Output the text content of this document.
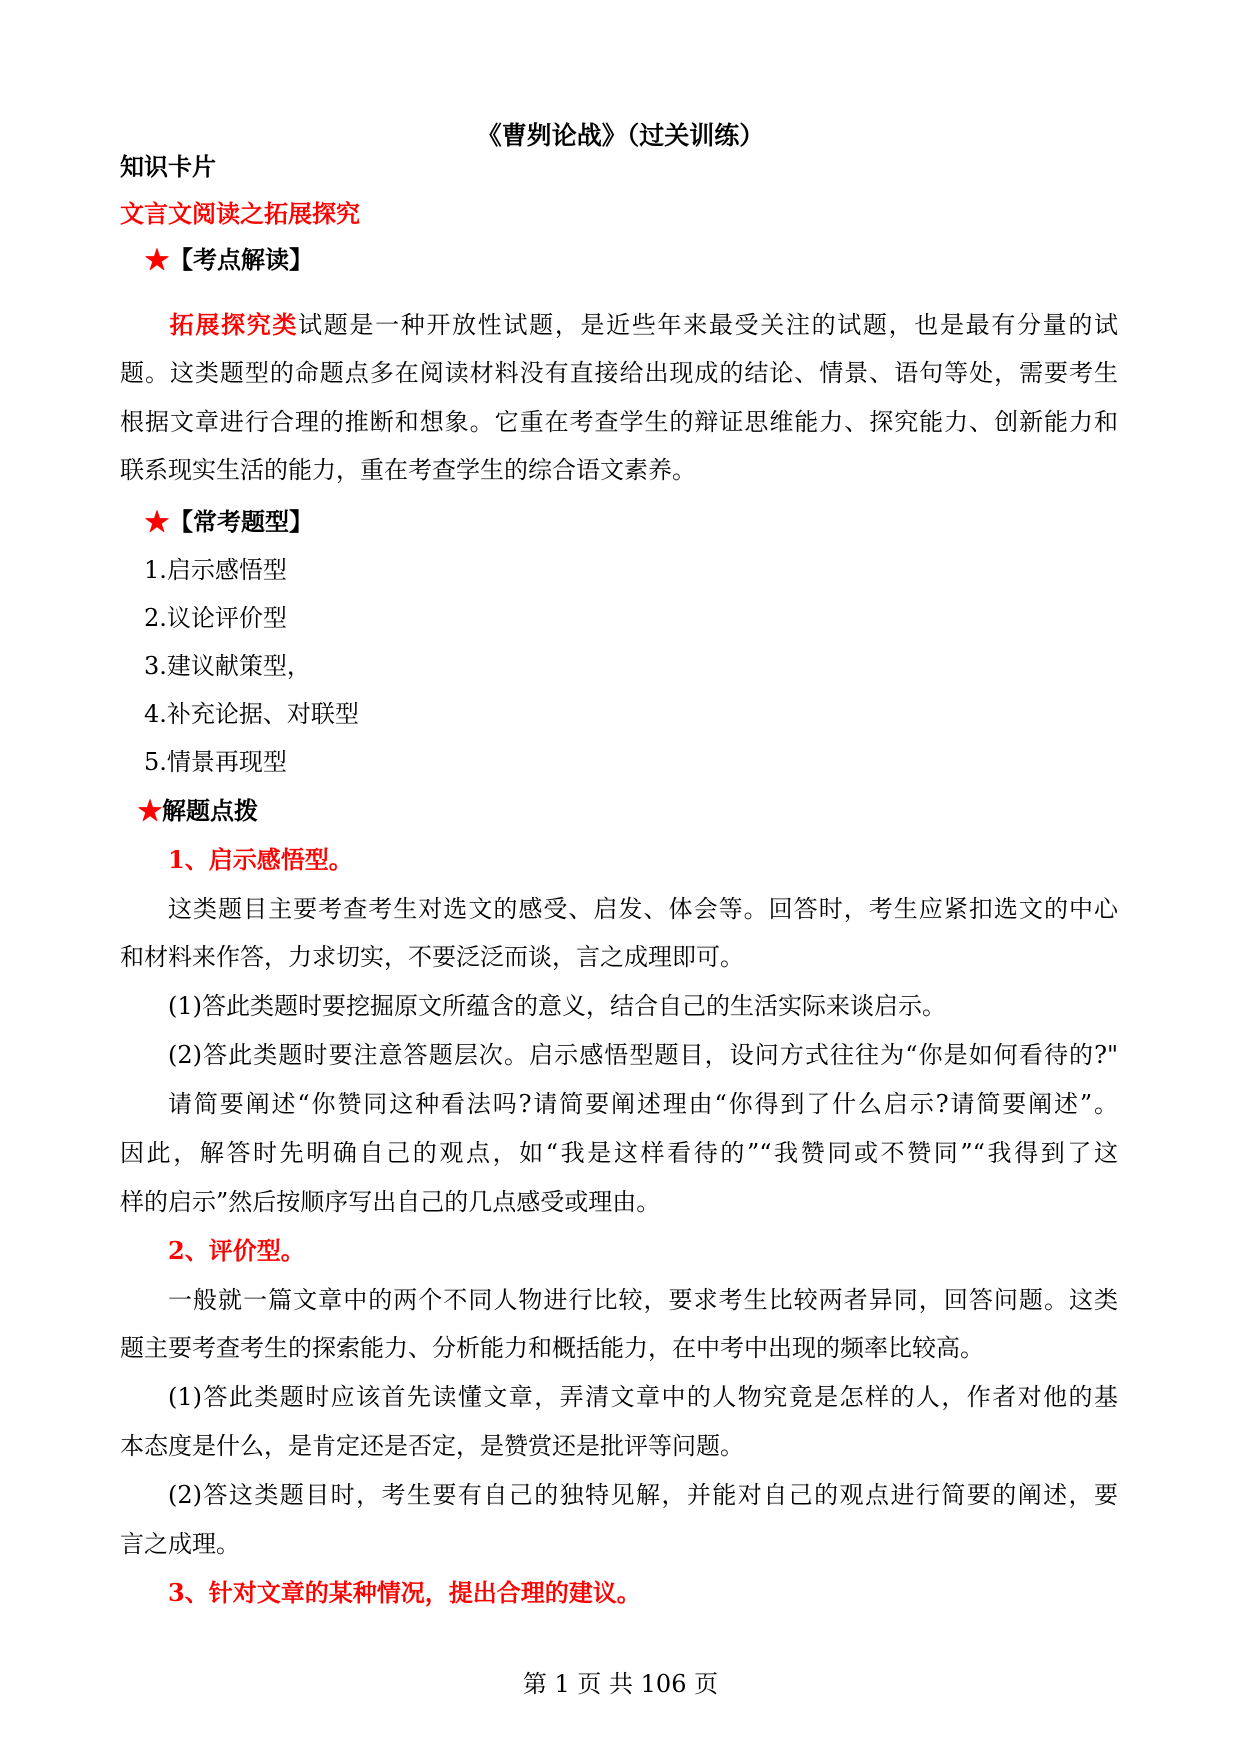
《曹刿论战》（过关训练）
知识卡片
文言文阅读之拓展探究
★【考点解读】
拓展探究类试题是一种开放性试题，是近些年来最受关注的试题，也是最有分量的试
题。这类题型的命题点多在阅读材料没有直接给出现成的结论、情景、语句等处，需要考生
根据文章进行合理的推断和想象。它重在考查学生的辩证思维能力、探究能力、创新能力和
联系现实生活的能力，重在考查学生的综合语文素养。
★【常考题型】
1.启示感悟型
2.议论评价型
3.建议献策型，
4.补充论据、对联型
5.情景再现型
★解题点拨
1、启示感悟型。
这类题目主要考查考生对选文的感受、启发、体会等。回答时，考生应紧扣选文的中心
和材料来作答，力求切实，不要泛泛而谈，言之成理即可。
(1)答此类题时要挖掘原文所蕴含的意义，结合自己的生活实际来谈启示。
(2)答此类题时要注意答题层次。启示感悟型题目，设问方式往往为“你是如何看待的?"
请简要阐述“你赞同这种看法吗?请简要阐述理由“你得到了什么启示?请简要阐述”。
因此，解答时先明确自己的观点，如“我是这样看待的”“我赞同或不赞同”“我得到了这
样的启示”然后按顺序写出自己的几点感受或理由。
2、评价型。
一般就一篇文章中的两个不同人物进行比较，要求考生比较两者异同，回答问题。这类
题主要考查考生的探索能力、分析能力和概括能力，在中考中出现的频率比较高。
(1)答此类题时应该首先读懂文章，弄清文章中的人物究竟是怎样的人，作者对他的基
本态度是什么，是肯定还是否定，是赞赏还是批评等问题。
(2)答这类题目时，考生要有自己的独特见解，并能对自己的观点进行简要的阐述，要
言之成理。
3、针对文章的某种情况，提出合理的建议。
第 1 页 共 106 页
